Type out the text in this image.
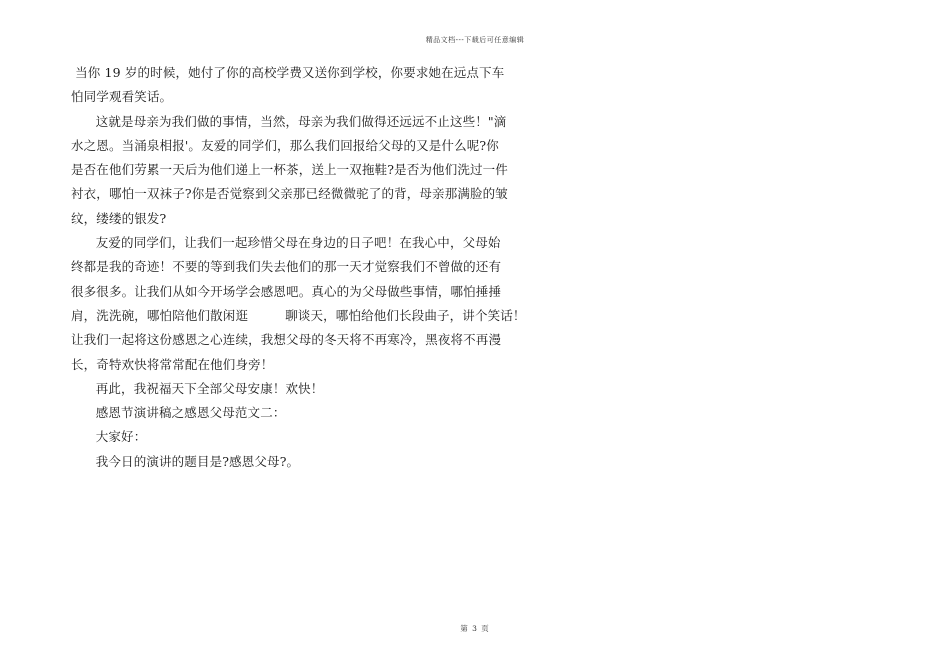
精品文档---下载后可任意编辑
当你 19 岁的时候，她付了你的高校学费又送你到学校，你要求她在远点下车
怕同学观看笑话。
这就是母亲为我们做的事情，当然，母亲为我们做得还远远不止这些！"滴
水之恩。当涌泉相报'。友爱的同学们，那么我们回报给父母的又是什么呢?你
是否在他们劳累一天后为他们递上一杯茶，送上一双拖鞋?是否为他们洗过一件
衬衣，哪怕一双袜子?你是否觉察到父亲那已经微微驼了的背，母亲那满脸的皱
纹，缕缕的银发?
友爱的同学们，让我们一起珍惜父母在身边的日子吧！在我心中，父母始
终都是我的奇迹！不要的等到我们失去他们的那一天才觉察我们不曾做的还有
很多很多。让我们从如今开场学会感恩吧。真心的为父母做些事情，哪怕捶捶
肩，洗洗碗，哪怕陪他们散闲逛         聊谈天，哪怕给他们长段曲子，讲个笑话！
让我们一起将这份感恩之心连续，我想父母的冬天将不再寒冷，黑夜将不再漫
长，奇特欢快将常常配在他们身旁！
再此，我祝福天下全部父母安康！欢快！
感恩节演讲稿之感恩父母范文二：
大家好：
我今日的演讲的题目是?感恩父母?。
第 3 页
